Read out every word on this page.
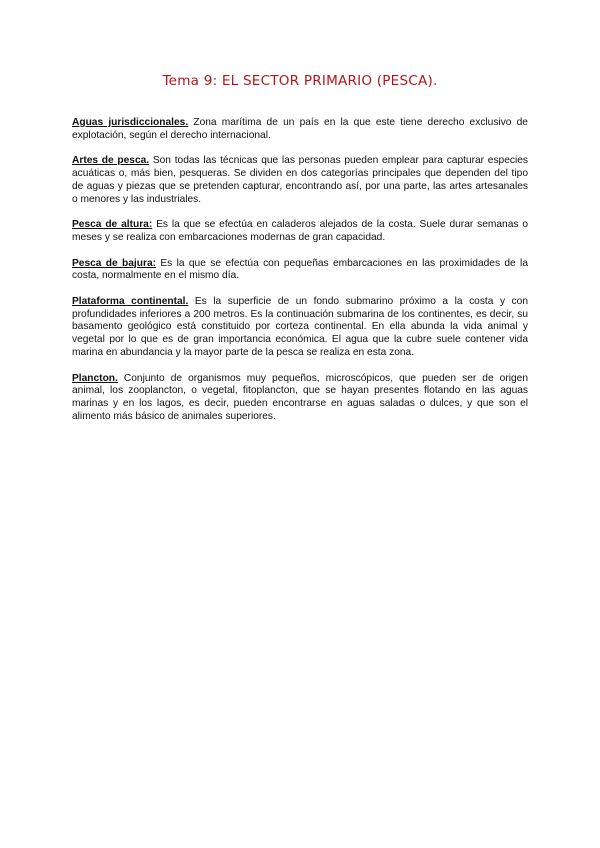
Tema 9: EL SECTOR PRIMARIO (PESCA).

Aguas jurisdiccionales. Zona marítima de un país en la que este tiene derecho exclusivo de explotación, según el derecho internacional.

Artes de pesca. Son todas las técnicas que las personas pueden emplear para capturar especies acuáticas o, más bien, pesqueras. Se dividen en dos categorías principales que dependen del tipo de aguas y piezas que se pretenden capturar, encontrando así, por una parte, las artes artesanales o menores y las industriales.

Pesca de altura: Es la que se efectúa en caladeros alejados de la costa. Suele durar semanas o meses y se realiza con embarcaciones modernas de gran capacidad.

Pesca de bajura: Es la que se efectúa con pequeñas embarcaciones en las proximidades de la costa, normalmente en el mismo día.

Plataforma continental. Es la superficie de un fondo submarino próximo a la costa y con profundidades inferiores a 200 metros. Es la continuación submarina de los continentes, es decir, su basamento geológico está constituido por corteza continental. En ella abunda la vida animal y vegetal por lo que es de gran importancia económica. El agua que la cubre suele contener vida marina en abundancia y la mayor parte de la pesca se realiza en esta zona.

Plancton. Conjunto de organismos muy pequeños, microscópicos, que pueden ser de origen animal, los zooplancton, o vegetal, fitoplancton, que se hayan presentes flotando en las aguas marinas y en los lagos, es decir, pueden encontrarse en aguas saladas o dulces, y que son el alimento más básico de animales superiores.
